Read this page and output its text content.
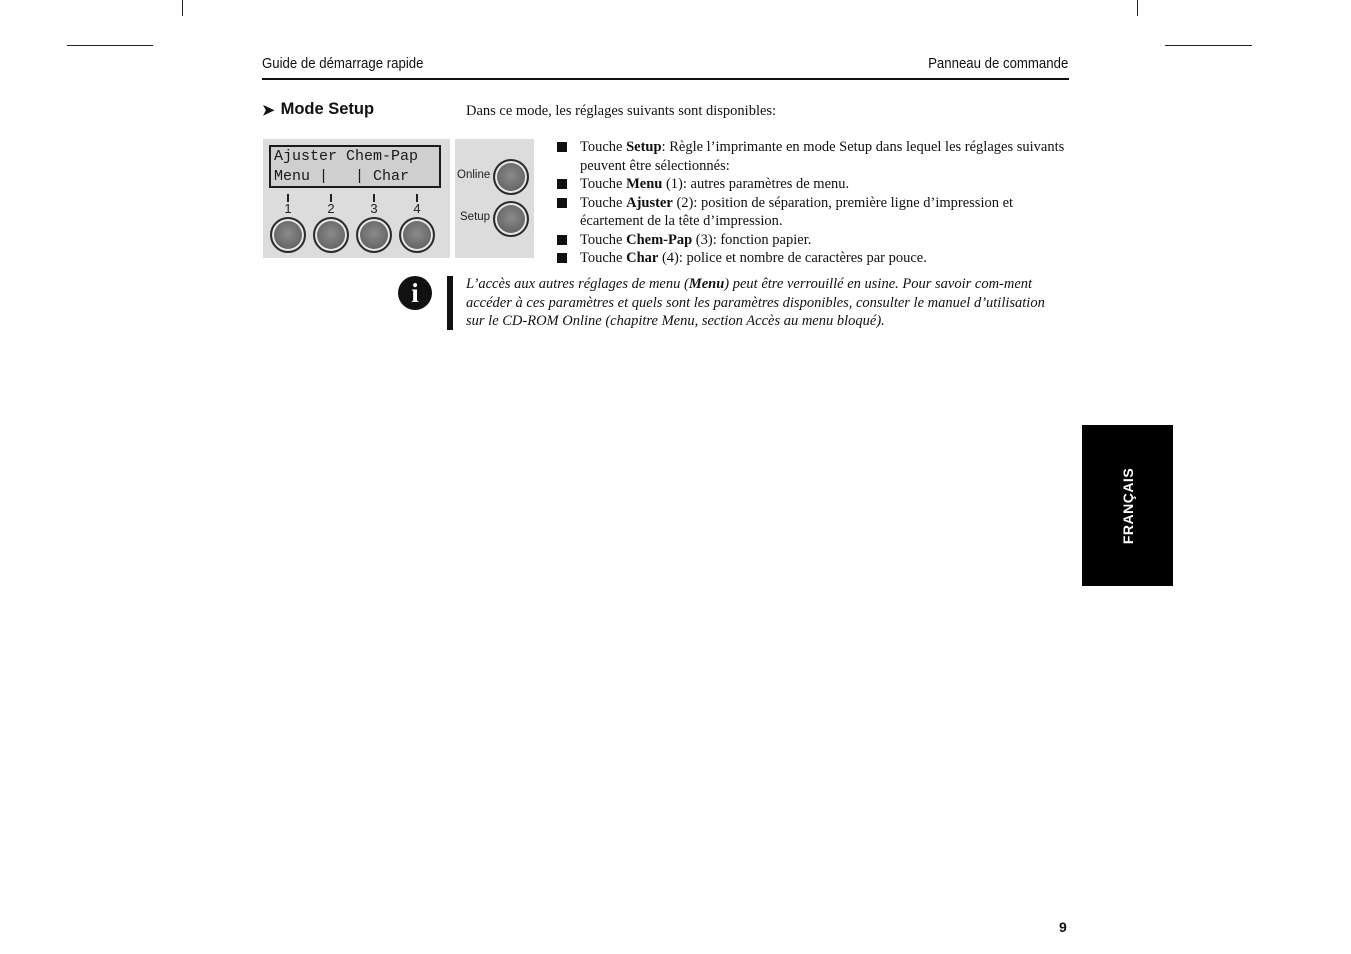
Guide de démarrage rapide	Panneau de commande
➤ Mode Setup	Dans ce mode, les réglages suivants sont disponibles:
Ajuster Chem-Pap
Menu |   | Char
1	2	3	4
Online
Setup
Touche Setup: Règle l’imprimante en mode Setup dans lequel les réglages suivants peuvent être sélectionnés:
Touche Menu (1): autres paramètres de menu.
Touche Ajuster (2): position de séparation, première ligne d’impression et écartement de la tête d’impression.
Touche Chem-Pap (3): fonction papier.
Touche Char (4): police et nombre de caractères par pouce.
i	L’accès aux autres réglages de menu (Menu) peut être verrouillé en usine. Pour savoir com-ment accéder à ces paramètres et quels sont les paramètres disponibles, consulter le manuel d’utilisation sur le CD-ROM Online (chapitre Menu, section Accès au menu bloqué).
FRANÇAIS
9
